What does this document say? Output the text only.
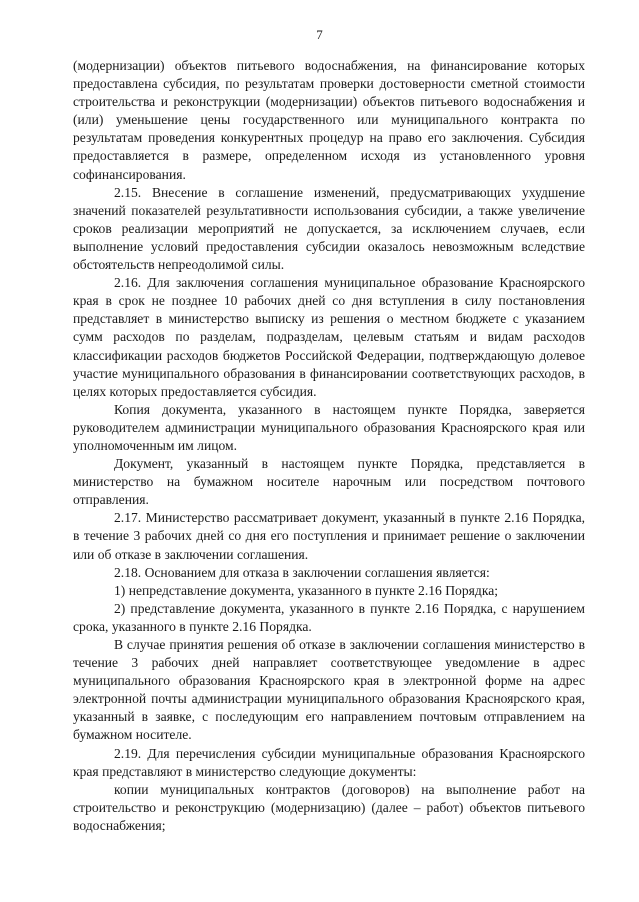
7

(модернизации) объектов питьевого водоснабжения, на финансирование которых предоставлена субсидия, по результатам проверки достоверности сметной стоимости строительства и реконструкции (модернизации) объектов питьевого водоснабжения и (или) уменьшение цены государственного или муниципального контракта по результатам проведения конкурентных процедур на право его заключения. Субсидия предоставляется в размере, определенном исходя из установленного уровня софинансирования.

2.15. Внесение в соглашение изменений, предусматривающих ухудшение значений показателей результативности использования субсидии, а также увеличение сроков реализации мероприятий не допускается, за исключением случаев, если выполнение условий предоставления субсидии оказалось невозможным вследствие обстоятельств непреодолимой силы.

2.16. Для заключения соглашения муниципальное образование Красноярского края в срок не позднее 10 рабочих дней со дня вступления в силу постановления представляет в министерство выписку из решения о местном бюджете с указанием сумм расходов по разделам, подразделам, целевым статьям и видам расходов классификации расходов бюджетов Российской Федерации, подтверждающую долевое участие муниципального образования в финансировании соответствующих расходов, в целях которых предоставляется субсидия.

Копия документа, указанного в настоящем пункте Порядка, заверяется руководителем администрации муниципального образования Красноярского края или уполномоченным им лицом.

Документ, указанный в настоящем пункте Порядка, представляется в министерство на бумажном носителе нарочным или посредством почтового отправления.

2.17. Министерство рассматривает документ, указанный в пункте 2.16 Порядка, в течение 3 рабочих дней со дня его поступления и принимает решение о заключении или об отказе в заключении соглашения.

2.18. Основанием для отказа в заключении соглашения является:

1) непредставление документа, указанного в пункте 2.16 Порядка;

2) представление документа, указанного в пункте 2.16 Порядка, с нарушением срока, указанного в пункте 2.16 Порядка.

В случае принятия решения об отказе в заключении соглашения министерство в течение 3 рабочих дней направляет соответствующее уведомление в адрес муниципального образования Красноярского края в электронной форме на адрес электронной почты администрации муниципального образования Красноярского края, указанный в заявке, с последующим его направлением почтовым отправлением на бумажном носителе.

2.19. Для перечисления субсидии муниципальные образования Красноярского края представляют в министерство следующие документы:

копии муниципальных контрактов (договоров) на выполнение работ на строительство и реконструкцию (модернизацию) (далее – работ) объектов питьевого водоснабжения;
